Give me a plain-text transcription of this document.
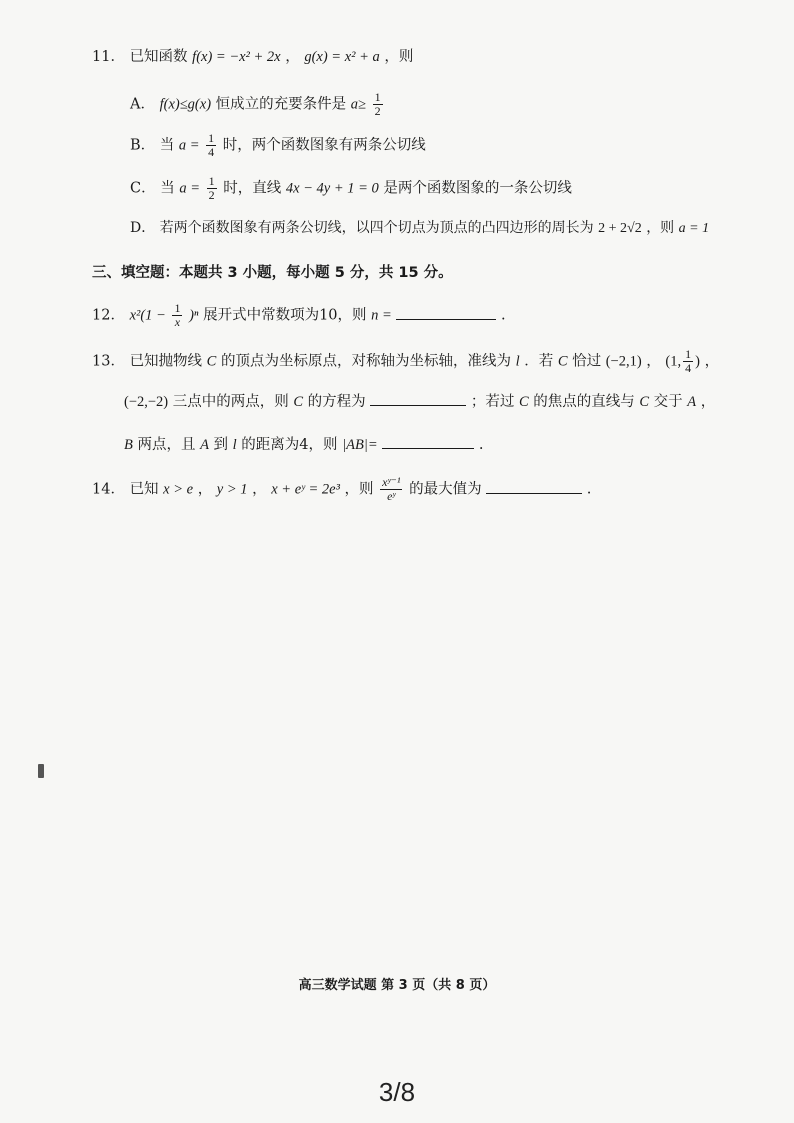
11． 已知函数 f(x) = −x² + 2x ， g(x) = x² + a ，则
A． f(x)≤g(x) 恒成立的充要条件是 $a\ge \frac{1}{2}$
B． 当 $a = \frac{1}{4}$ 时，两个函数图象有两条公切线
C． 当 $a = \frac{1}{2}$ 时，直线 4x − 4y + 1 = 0 是两个函数图象的一条公切线
D． 若两个函数图象有两条公切线，以四个切点为顶点的凸四边形的周长为 2 + 2√2 ，则 a = 1
三、填空题：本题共 3 小题，每小题 5 分，共 15 分。
12． $x^2(1 - \frac{1}{x} )^n$ 展开式中常数项为10，则 n =	.
13． 已知抛物线 C 的顶点为坐标原点，对称轴为坐标轴，准线为 l ．若 C 恰过 (−2,1) ， (1, $\frac{1}{4}$ ) ，
(−2,−2) 三点中的两点，则 C 的方程为	；若过 C 的焦点的直线与 C 交于 A ，
B 两点，且 A 到 l 的距离为4，则 |AB|=	.
14． 已知 x > e ， y > 1 ， x + eʸ = 2e³ ，则 $\frac{\text{xʸ⁻¹}}{\text{eʸ}}$ 的最大值为	.
高三数学试题 第 3 页（共 8 页）
3/8
